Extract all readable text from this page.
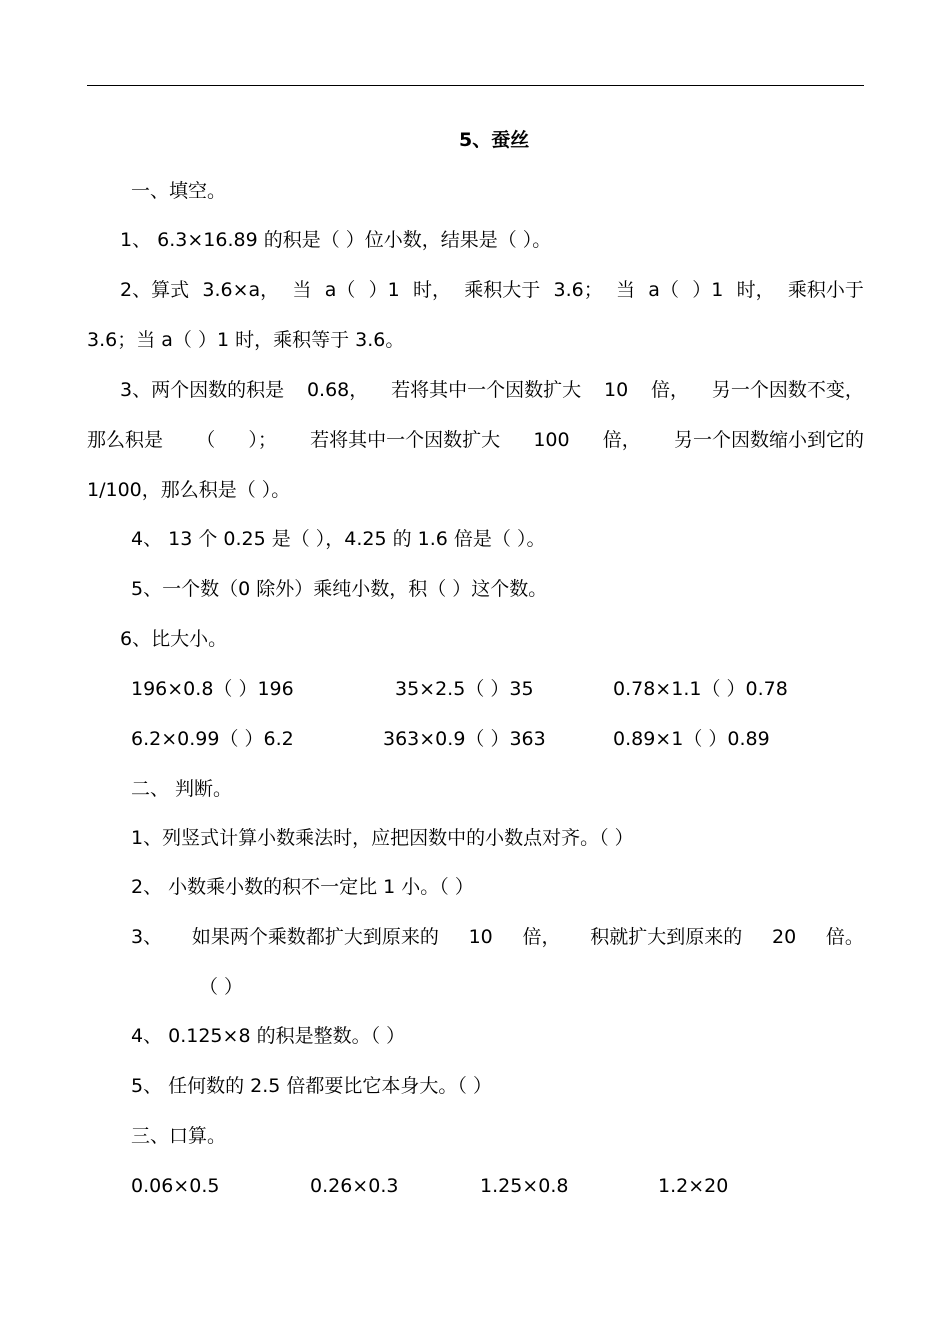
5、蚕丝
一、填空。
1、 6.3×16.89 的积是（ ）位小数，结果是（ ）。
2、算式 3.6×a， 当 a（ ）1 时， 乘积大于 3.6； 当 a（ ）1 时， 乘积小于
3.6；当 a（ ）1 时，乘积等于 3.6。
3、两个因数的积是 0.68， 若将其中一个因数扩大 10 倍， 另一个因数不变，
那么积是 （ ）； 若将其中一个因数扩大 100 倍， 另一个因数缩小到它的
1/100，那么积是（ ）。
4、 13 个 0.25 是（ ），4.25 的 1.6 倍是（ ）。
5、一个数（0 除外）乘纯小数，积（ ）这个数。
6、比大小。
196×0.8（ ）196	35×2.5（ ）35	0.78×1.1（ ）0.78
6.2×0.99（ ）6.2	363×0.9（ ）363	0.89×1（ ）0.89
二、 判断。
1、列竖式计算小数乘法时，应把因数中的小数点对齐。（ ）
2、 小数乘小数的积不一定比 1 小。（ ）
3、 如果两个乘数都扩大到原来的 10 倍， 积就扩大到原来的 20 倍。
（ ）
4、 0.125×8 的积是整数。（ ）
5、 任何数的 2.5 倍都要比它本身大。（ ）
三、口算。
0.06×0.5	0.26×0.3	1.25×0.8	1.2×20
